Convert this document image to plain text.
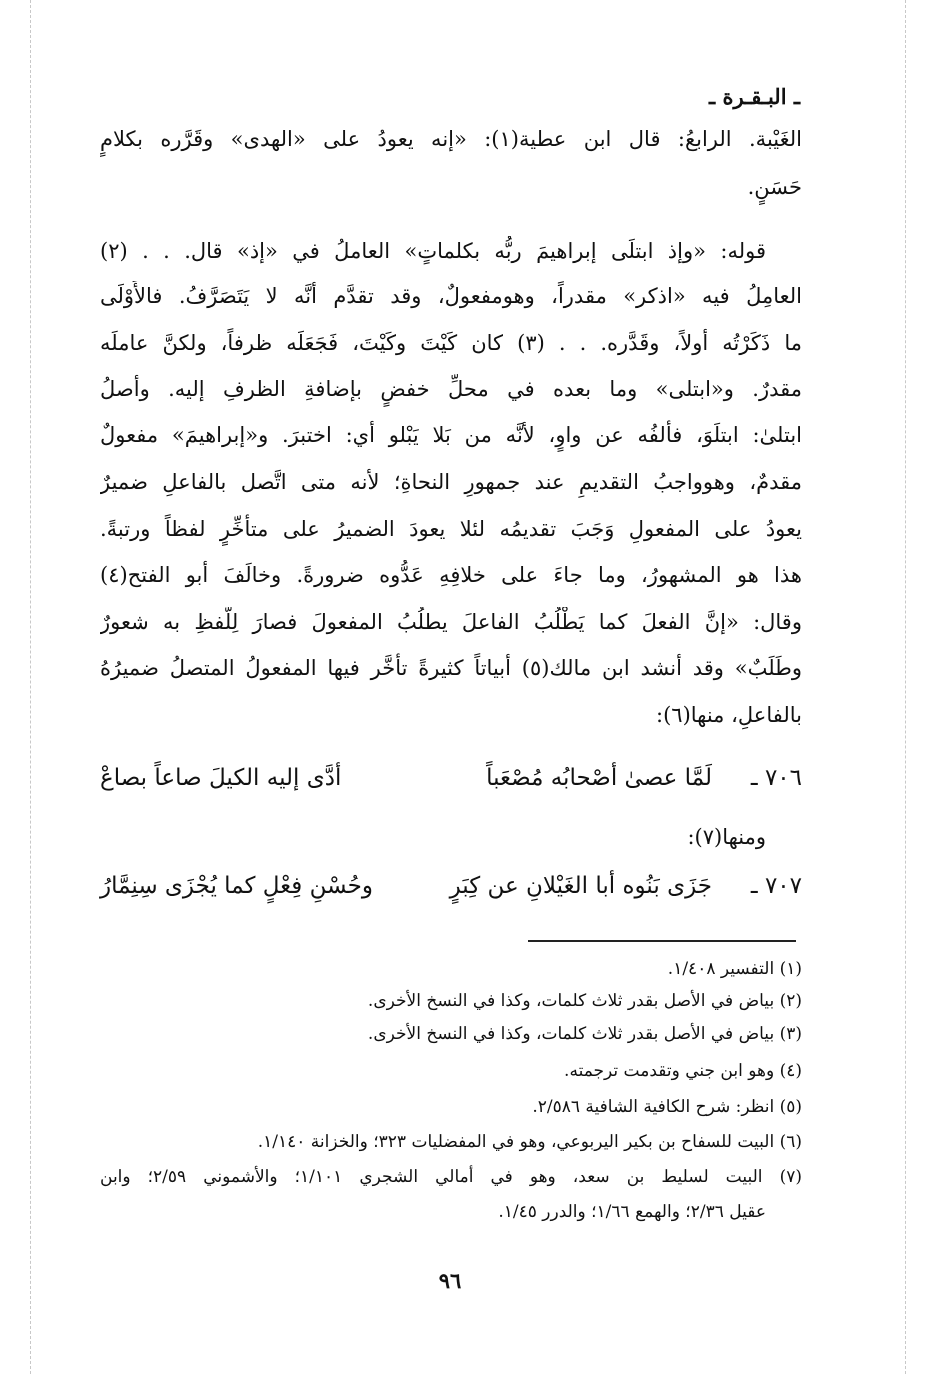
ـ البـقـرة ـ
الغَيْبة. الرابعُ: قال ابن عطية(١): «إنه يعودُ على «الهدى» وقَرَّره بكلامٍ
حَسَنٍ.
قوله: «وإذ ابتلَى إبراهيمَ ربُّه بكلماتٍ» العاملُ في «إذ» قال. . . (٢)
العامِلُ فيه «اذكر» مقدراً، وهومفعولٌ، وقد تقدَّم أنَّه لا يَتَصَرَّفُ. فالأَوْلَى
ما ذَكَرْتُه أولاً، وقَدَّره. . . (٣) كان كَيْتَ وكَيْتَ، فَجَعَلَه ظرفاً، ولكنَّ عاملَه
مقدرٌ. و«ابتلى» وما بعده في محلِّ خفضٍ بإضافةِ الظرفِ إليه. وأصلُ
ابتلىٰ: ابتلَوَ، فألفُه عن واوٍ، لأنَّه من بَلا يَبْلو أي: اختبرَ. و«إبراهيمَ» مفعولٌ
مقدمٌ، وهوواجبُ التقديمِ عند جمهورِ النحاةِ؛ لأنه متى اتَّصل بالفاعلِ ضميرٌ
يعودُ على المفعولِ وَجَبَ تقديمُه لئلا يعودَ الضميرُ على متأخِّرٍ لفظاً ورتبةً.
هذا هو المشهورُ، وما جاءَ على خلافِهِ عَدُّوه ضرورةً. وخالَفَ أبو الفتح(٤)
وقال: «إنَّ الفعلَ كما يَطْلُبُ الفاعلَ يطلُبُ المفعولَ فصارَ لِلَّفظِ به شعورٌ
وطَلَبٌ» وقد أنشد ابن مالك(٥) أبياتاً كثيرةً تأخَّر فيها المفعولُ المتصلُ ضميرُهُ
بالفاعلِ، منها(٦):
٧٠٦ ـ
لَمَّا عصىٰ أصْحابُه مُصْعَباً
أدَّى إليه الكيلَ صاعاً بصاعْ
ومنها(٧):
٧٠٧ ـ
جَزَى بَنُوه أبا الغَيْلانِ عن كِبَرٍ
وحُسْنِ فِعْلٍ كما يُجْزَى سِنِمَّارُ
(١) التفسير ١/٤٠٨.
(٢) بياض في الأصل بقدر ثلاث كلمات، وكذا في النسخ الأخرى.
(٣) بياض في الأصل بقدر ثلاث كلمات، وكذا في النسخ الأخرى.
(٤) وهو ابن جني وتقدمت ترجمته.
(٥) انظر: شرح الكافية الشافية ٢/٥٨٦.
(٦) البيت للسفاح بن بكير اليربوعي، وهو في المفضليات ٣٢٣؛ والخزانة ١/١٤٠.
(٧) البيت لسليط بن سعد، وهو في أمالي الشجري ١/١٠١؛ والأشموني ٢/٥٩؛ وابن
عقيل ٢/٣٦؛ والهمع ١/٦٦؛ والدرر ١/٤٥.
٩٦
